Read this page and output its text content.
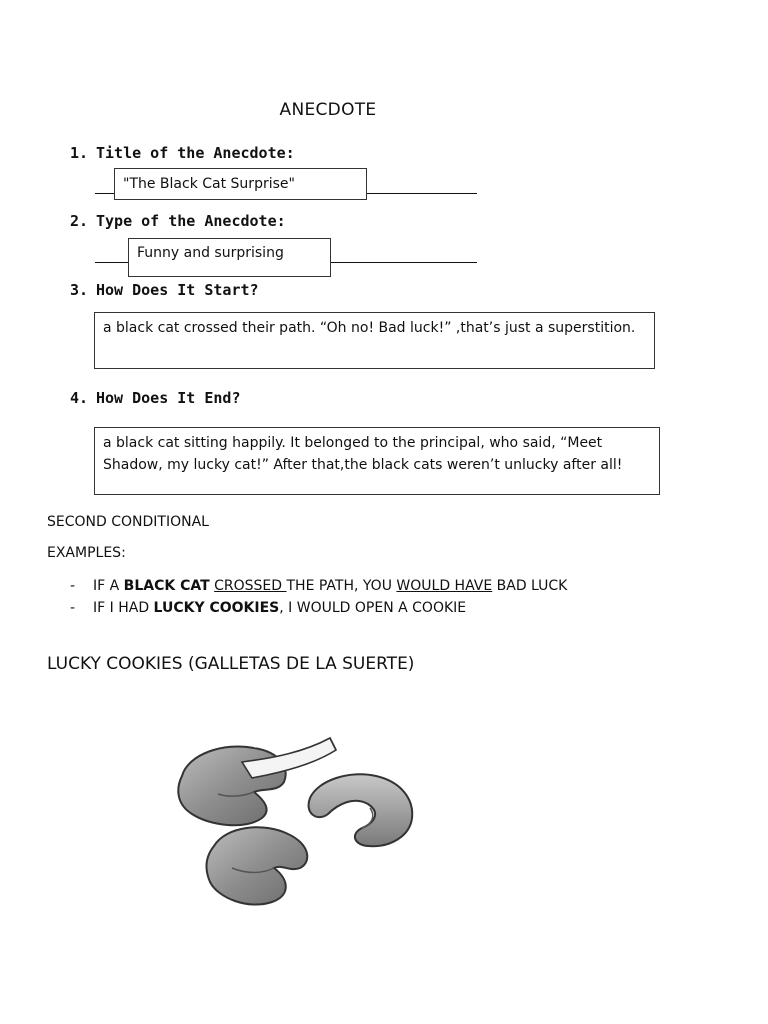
ANECDOTE
1. Title of the Anecdote:
"The Black Cat Surprise"
2. Type of the Anecdote:
Funny and surprising
3. How Does It Start?
a black cat crossed their path. “Oh no! Bad luck!” ,that’s just a superstition.
4. How Does It End?
a black cat sitting happily. It belonged to the principal, who said, “Meet Shadow, my lucky cat!” After that,the black cats weren’t unlucky after all!
SECOND CONDITIONAL
EXAMPLES:
- IF A BLACK CAT CROSSED THE PATH, YOU WOULD HAVE BAD LUCK
- IF I HAD LUCKY COOKIES, I WOULD OPEN A COOKIE
LUCKY COOKIES (GALLETAS DE LA SUERTE)
